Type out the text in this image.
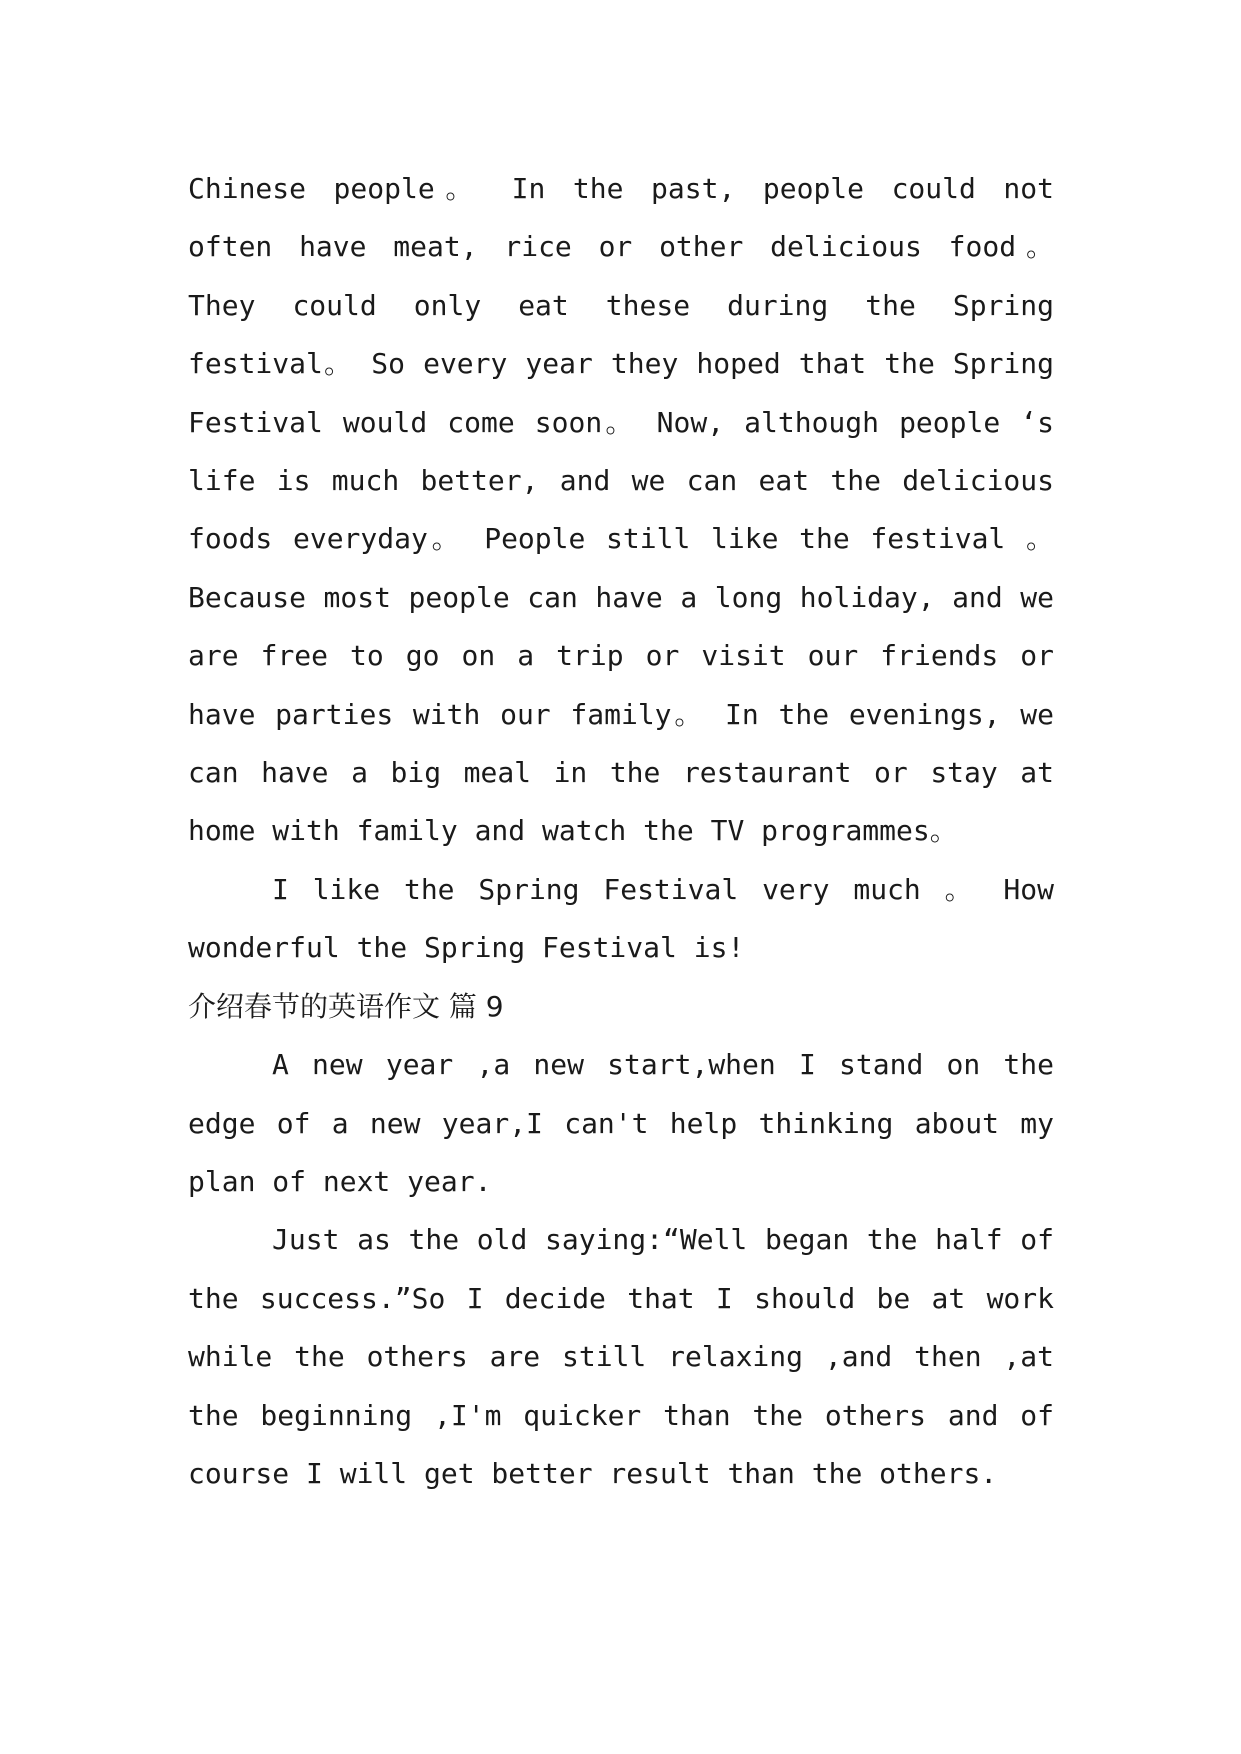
Chinese people。 In the past, people could not often have meat, rice or other delicious food。 They could only eat these during the Spring festival。 So every year they hoped that the Spring Festival would come soon。 Now, although people ‘s life is much better, and we can eat the delicious foods everyday。 People still like the festival 。 Because most people can have a long holiday, and we are free to go on a trip or visit our friends or have parties with our family。 In the evenings, we can have a big meal in the restaurant or stay at home with family and watch the TV programmes。

I like the Spring Festival very much 。 How wonderful the Spring Festival is!

介绍春节的英语作文 篇 9

A new year ,a new start,when I stand on the edge of a new year,I can't help thinking about my plan of next year.

Just as the old saying:“Well began the half of the success.”So I decide that I should be at work while the others are still relaxing ,and then ,at the beginning ,I'm quicker than the others and of course I will get better result than the others.
